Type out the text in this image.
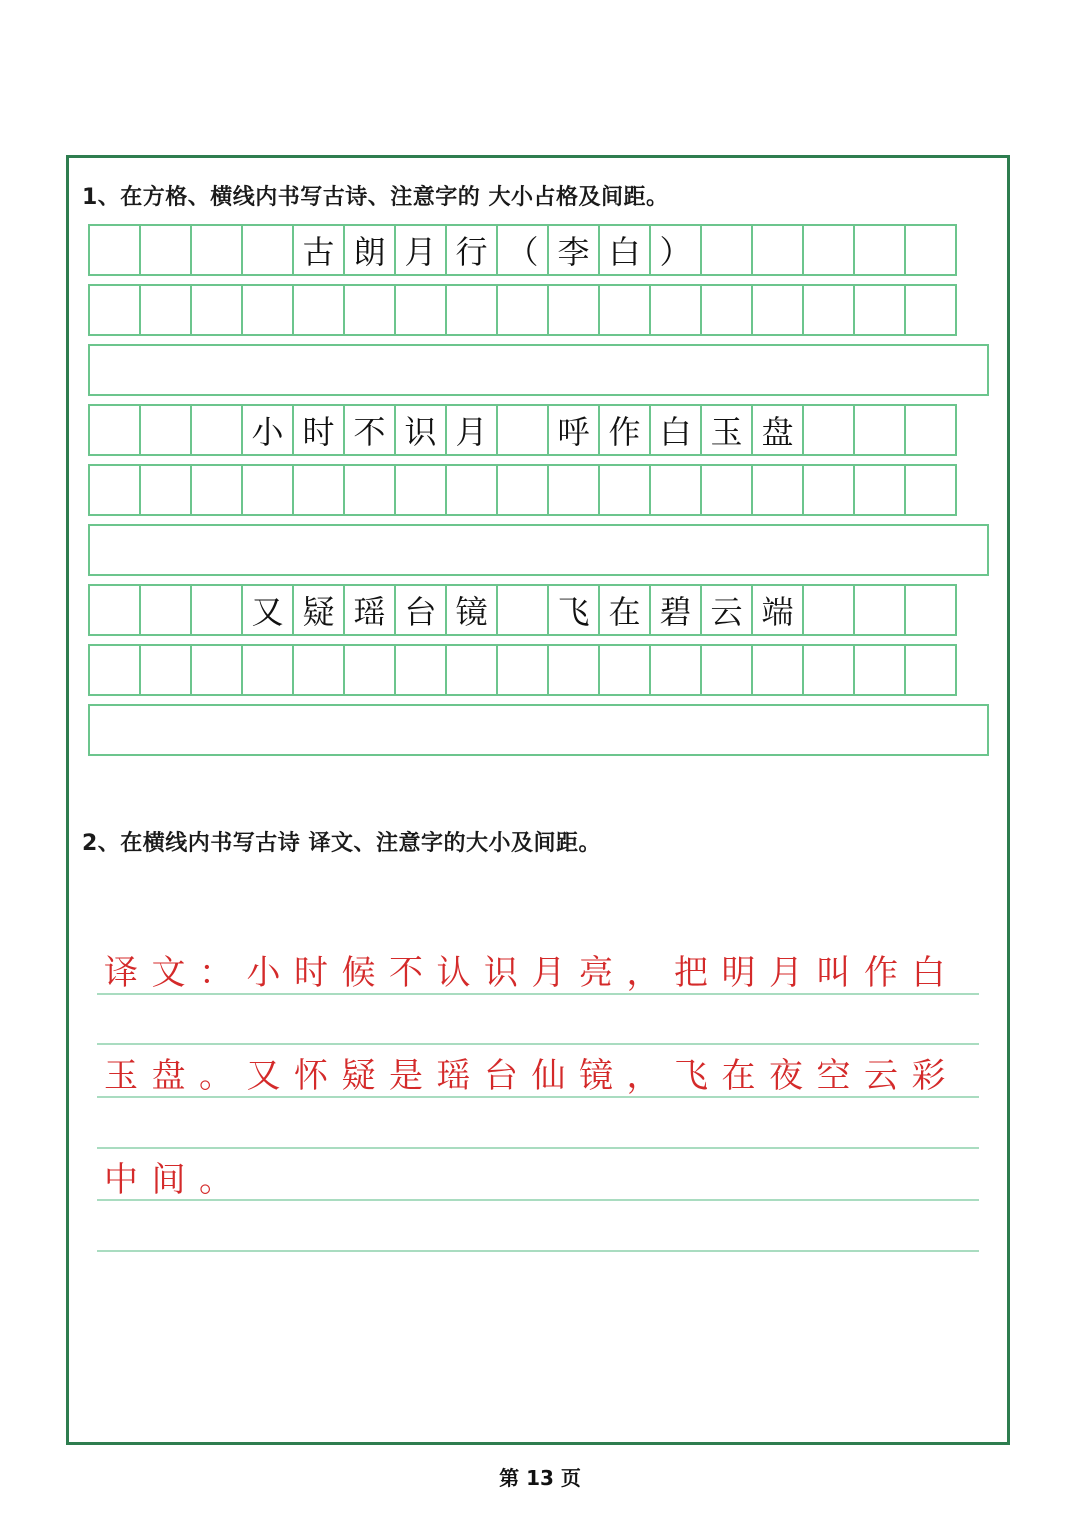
1、在方格、横线内书写古诗、注意字的 大小占格及间距。
古 朗 月 行 （ 李 白 ）
小 时 不 识 月	呼 作 白 玉 盘
又 疑 瑶 台 镜	飞 在 碧 云 端
2、在横线内书写古诗 译文、注意字的大小及间距。
译文：小时候不认识月亮，把明月叫作白
玉盘。又怀疑是瑶台仙镜，飞在夜空云彩
中间。
第 13 页
